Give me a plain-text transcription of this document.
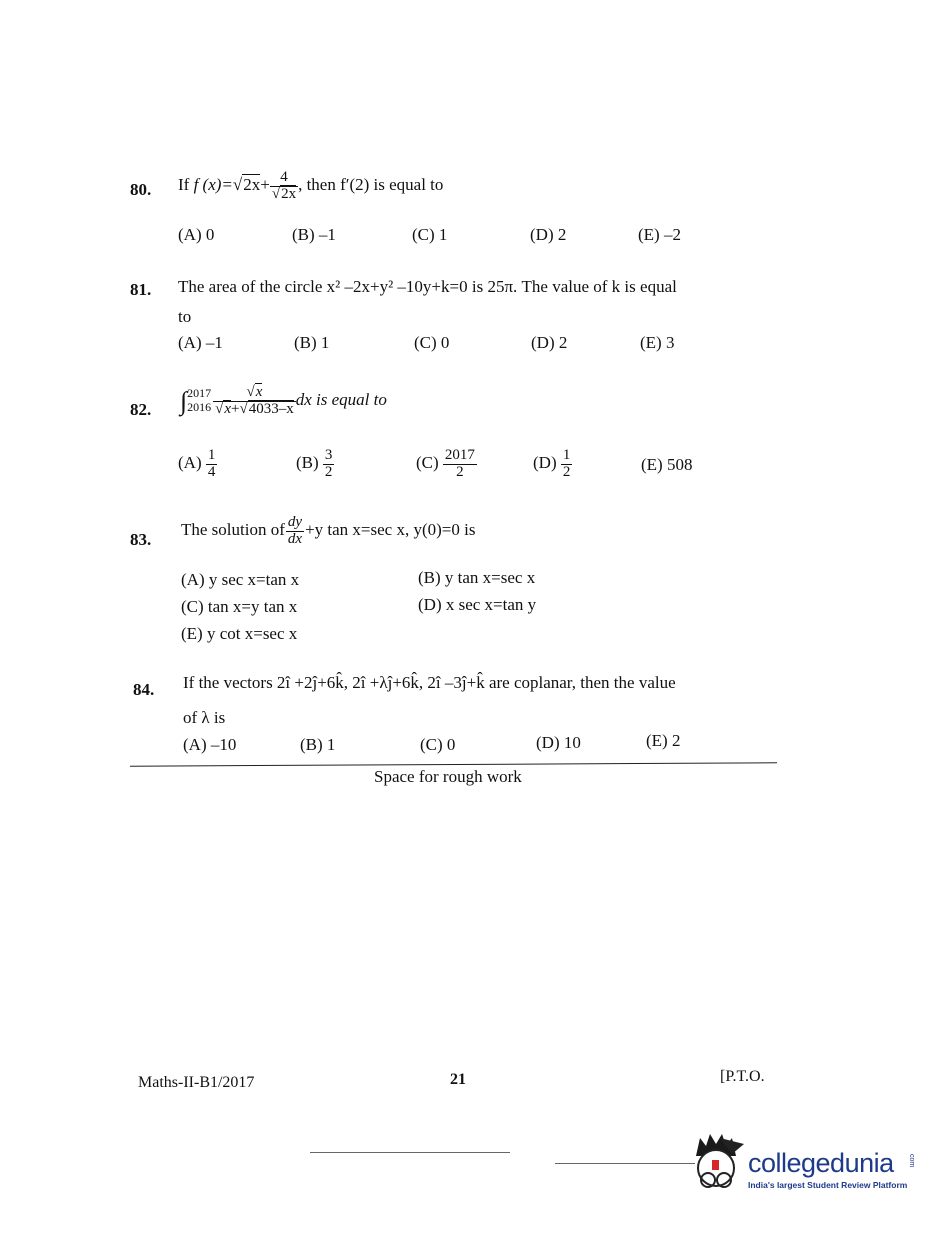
80. If f $(x)=√2x+ \frac{4}{√2x}$ , then f′(2) is equal to
(A) 0	(B) –1	(C) 1	(D) 2	(E) –2
81. The area of the circle x² –2x+y² –10y+k=0 is 25π. The value of k is equal
to
(A) –1	(B) 1	(C) 0	(D) 2	(E) 3
82. ∫ 2017
$2016 \frac{√x}{√x+√4033-x}$ dx is equal to
$(A) \frac{1}{4}$	$(B) \frac{3}{2}$	$(C) \frac{2017}{2}$	$(D) \frac{1}{2}$	(E) 508
83.
The solution of $\frac{dy}{dx} +y$ tan x=sec x, y(0)=0 is
(A) y sec x=tan x	(B) y tan x=sec x
(C) tan x=y tan x	(D) x sec x=tan y
(E) y cot x=sec x
84. If the vectors 2î +2ĵ+6k̂, 2î +λĵ+6k̂, 2î –3ĵ+k̂ are coplanar, then the value
of λ is
(A) –10	(B) 1	(C) 0	(D) 10	(E) 2
Space for rough work
Maths-II-B1/2017	21	[P.T.O.
collegedunia com
India's largest Student Review Platform
